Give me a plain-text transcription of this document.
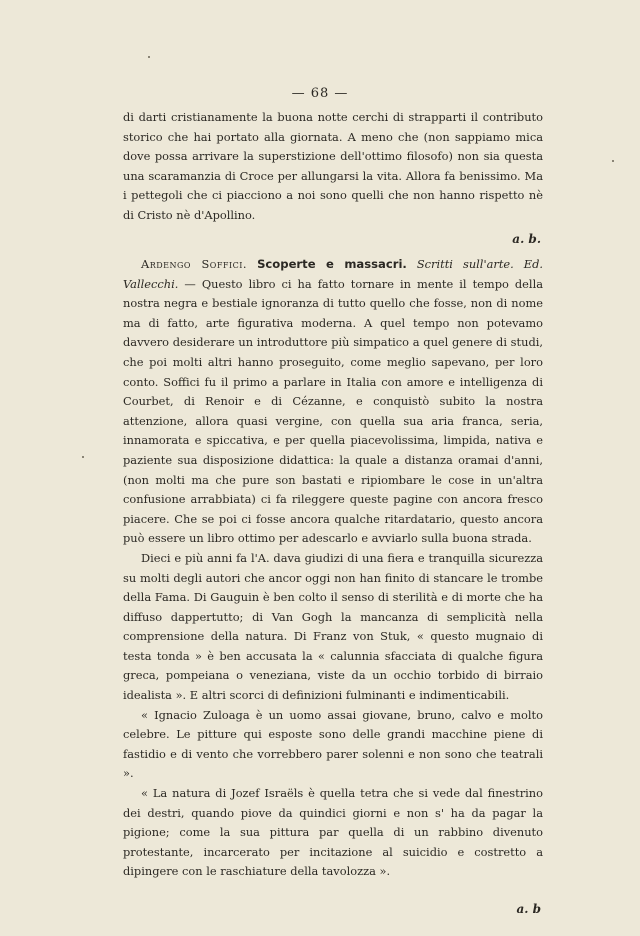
— 68 —

di darti cristianamente la buona notte cerchi di strapparti il contributo storico che hai portato alla giornata. A meno che (non sappiamo mica dove possa arrivare la superstizione dell'ottimo filosofo) non sia questa una scaramanzia di Croce per allungarsi la vita. Allora fa benissimo. Ma i pettegoli che ci piacciono a noi sono quelli che non hanno rispetto nè di Cristo nè d'Apollino.

a. b.

Ardengo Soffici. Scoperte e massacri. Scritti sull'arte. Ed. Vallecchi. — Questo libro ci ha fatto tornare in mente il tempo della nostra negra e bestiale ignoranza di tutto quello che fosse, non di nome ma di fatto, arte figurativa moderna. A quel tempo non potevamo davvero desiderare un introduttore più simpatico a quel genere di studi, che poi molti altri hanno proseguito, come meglio sapevano, per loro conto. Soffici fu il primo a parlare in Italia con amore e intelligenza di Courbet, di Renoir e di Cézanne, e conquistò subito la nostra attenzione, allora quasi vergine, con quella sua aria franca, seria, innamorata e spiccativa, e per quella piacevolissima, limpida, nativa e paziente sua disposizione didattica: la quale a distanza oramai d'anni, (non molti ma che pure son bastati e ripiombare le cose in un'altra confusione arrabbiata) ci fa rileggere queste pagine con ancora fresco piacere. Che se poi ci fosse ancora qualche ritardatario, questo ancora può essere un libro ottimo per adescarlo e avviarlo sulla buona strada.

Dieci e più anni fa l'A. dava giudizi di una fiera e tranquilla sicurezza su molti degli autori che ancor oggi non han finito di stancare le trombe della Fama. Di Gauguin è ben colto il senso di sterilità e di morte che ha diffuso dappertutto; di Van Gogh la mancanza di semplicità nella comprensione della natura. Di Franz von Stuk, « questo mugnaio di testa tonda » è ben accusata la « calunnia sfacciata di qualche figura greca, pompeiana o veneziana, viste da un occhio torbido di birraio idealista ». E altri scorci di definizioni fulminanti e indimenticabili.

« Ignacio Zuloaga è un uomo assai giovane, bruno, calvo e molto celebre. Le pitture qui esposte sono delle grandi macchine piene di fastidio e di vento che vorrebbero parer solenni e non sono che teatrali ».

« La natura di Jozef Israëls è quella tetra che si vede dal finestrino dei destri, quando piove da quindici giorni e non s' ha da pagar la pigione; come la sua pittura par quella di un rabbino divenuto protestante, incarcerato per incitazione al suicidio e costretto a dipingere con le raschiature della tavolozza ».

a. b
